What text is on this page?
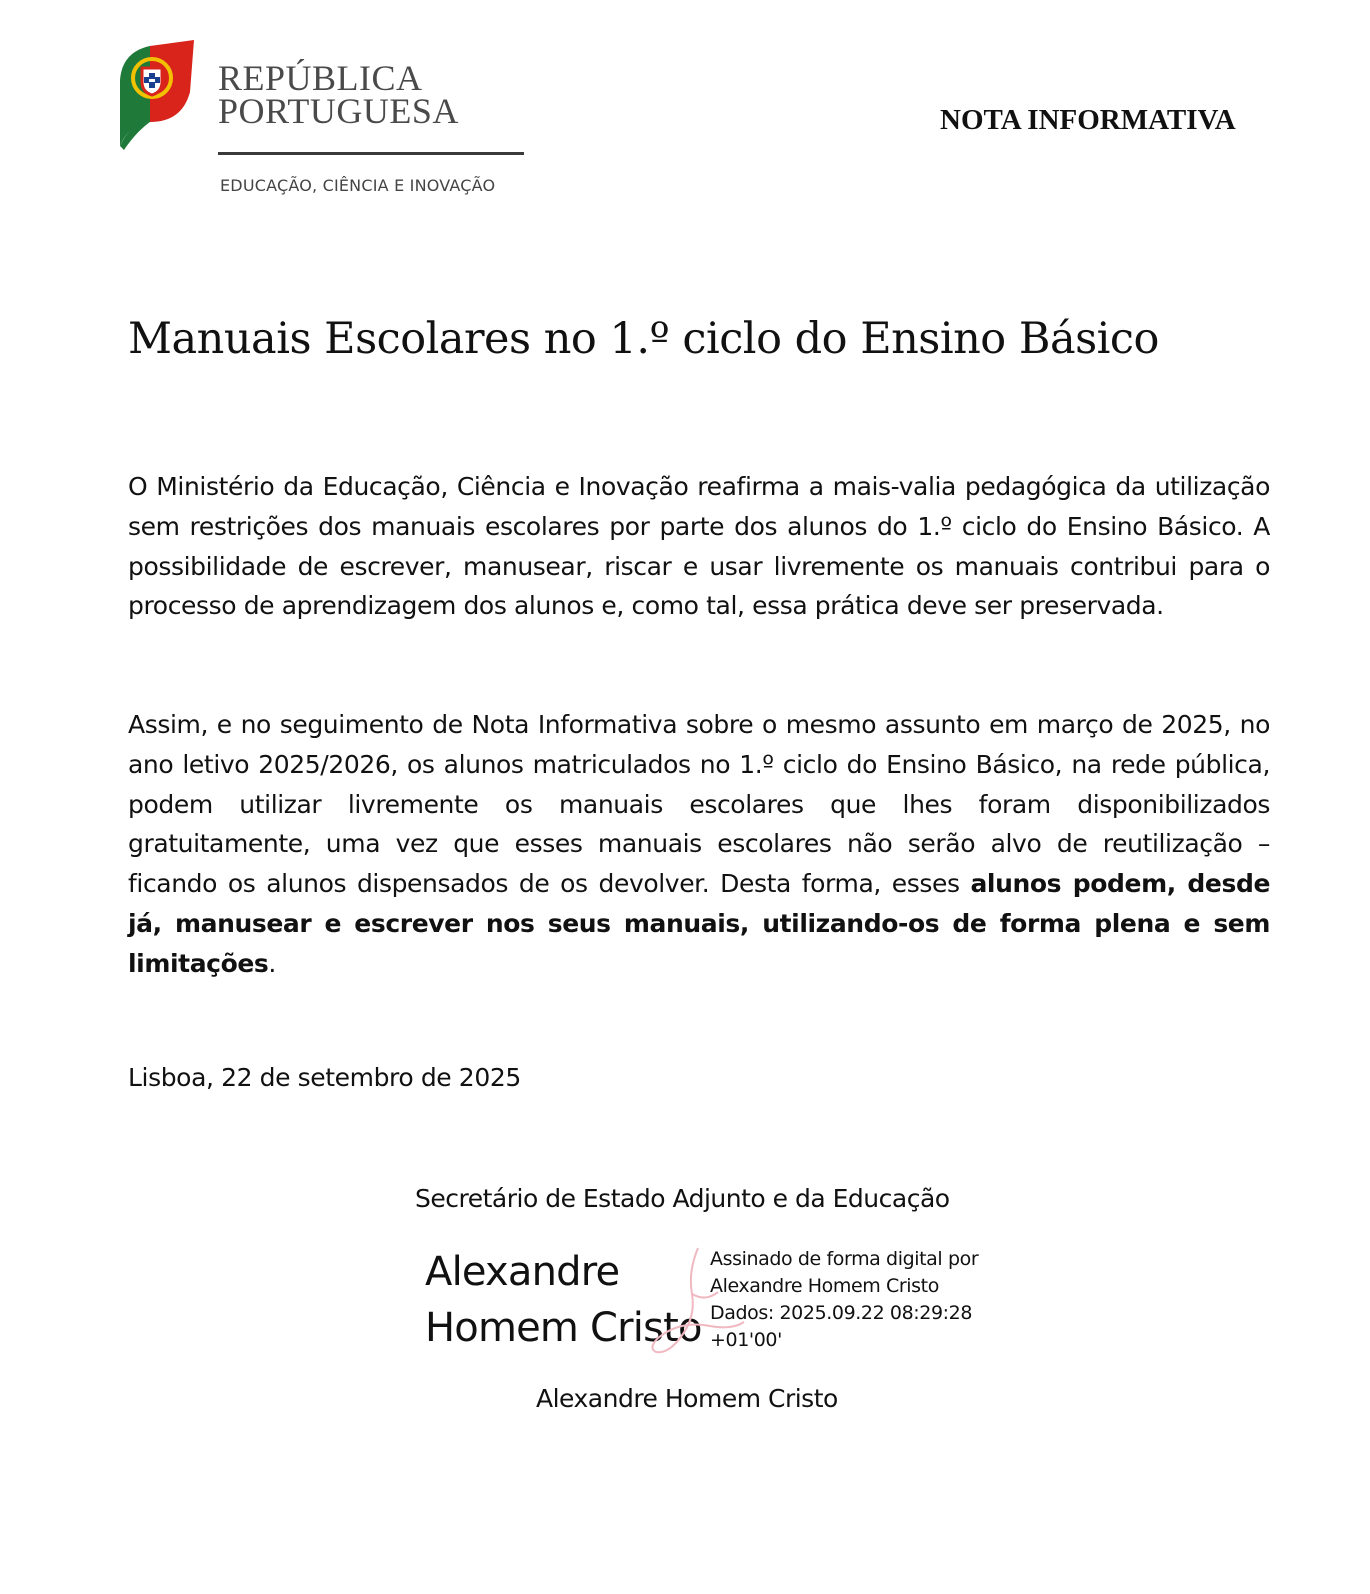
REPÚBLICA
PORTUGUESA
EDUCAÇÃO, CIÊNCIA E INOVAÇÃO
NOTA INFORMATIVA
Manuais Escolares no 1.º ciclo do Ensino Básico

O Ministério da Educação, Ciência e Inovação reafirma a mais-valia pedagógica da utilização sem restrições dos manuais escolares por parte dos alunos do 1.º ciclo do Ensino Básico. A possibilidade de escrever, manusear, riscar e usar livremente os manuais contribui para o processo de aprendizagem dos alunos e, como tal, essa prática deve ser preservada.

Assim, e no seguimento de Nota Informativa sobre o mesmo assunto em março de 2025, no ano letivo 2025/2026, os alunos matriculados no 1.º ciclo do Ensino Básico, na rede pública, podem utilizar livremente os manuais escolares que lhes foram disponibilizados gratuitamente, uma vez que esses manuais escolares não serão alvo de reutilização – ficando os alunos dispensados de os devolver. Desta forma, esses alunos podem, desde já, manusear e escrever nos seus manuais, utilizando-os de forma plena e sem limitações.

Lisboa, 22 de setembro de 2025
Secretário de Estado Adjunto e da Educação
Alexandre
Homem Cristo
Assinado de forma digital por
Alexandre Homem Cristo
Dados: 2025.09.22 08:29:28
+01'00'
Alexandre Homem Cristo
